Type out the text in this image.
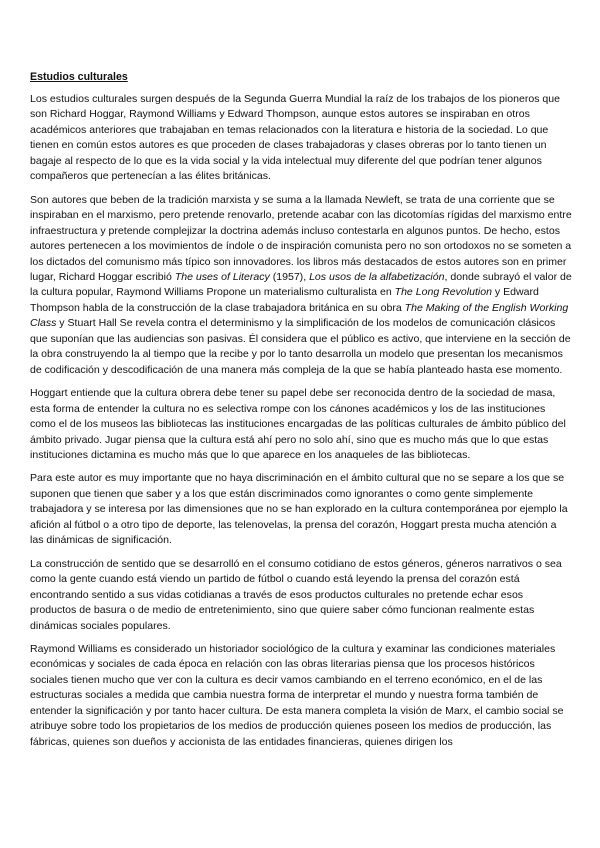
Estudios culturales

Los estudios culturales surgen después de la Segunda Guerra Mundial la raíz de los trabajos de los pioneros que son Richard Hoggar, Raymond Williams y Edward Thompson, aunque estos autores se inspiraban en otros académicos anteriores que trabajaban en temas relacionados con la literatura e historia de la sociedad. Lo que tienen en común estos autores es que proceden de clases trabajadoras y clases obreras por lo tanto tienen un bagaje al respecto de lo que es la vida social y la vida intelectual muy diferente del que podrían tener algunos compañeros que pertenecían a las élites británicas.

Son autores que beben de la tradición marxista y se suma a la llamada Newleft, se trata de una corriente que se inspiraban en el marxismo, pero pretende renovarlo, pretende acabar con las dicotomías rígidas del marxismo entre infraestructura y pretende complejizar la doctrina además incluso contestarla en algunos puntos. De hecho, estos autores pertenecen a los movimientos de índole o de inspiración comunista pero no son ortodoxos no se someten a los dictados del comunismo más típico son innovadores. los libros más destacados de estos autores son en primer lugar, Richard Hoggar escribió The uses of Literacy (1957), Los usos de la alfabetización, donde subrayó el valor de la cultura popular, Raymond Williams Propone un materialismo culturalista en The Long Revolution y Edward Thompson habla de la construcción de la clase trabajadora británica en su obra The Making of the English Working Class y Stuart Hall Se revela contra el determinismo y la simplificación de los modelos de comunicación clásicos que suponían que las audiencias son pasivas. Él considera que el público es activo, que interviene en la sección de la obra construyendo la al tiempo que la recibe y por lo tanto desarrolla un modelo que presentan los mecanismos de codificación y descodificación de una manera más compleja de la que se había planteado hasta ese momento.

Hoggart entiende que la cultura obrera debe tener su papel debe ser reconocida dentro de la sociedad de masa, esta forma de entender la cultura no es selectiva rompe con los cánones académicos y los de las instituciones como el de los museos las bibliotecas las instituciones encargadas de las políticas culturales de ámbito público del ámbito privado. Jugar piensa que la cultura está ahí pero no solo ahí, sino que es mucho más que lo que estas instituciones dictamina es mucho más que lo que aparece en los anaqueles de las bibliotecas.

Para este autor es muy importante que no haya discriminación en el ámbito cultural que no se separe a los que se suponen que tienen que saber y a los que están discriminados como ignorantes o como gente simplemente trabajadora y se interesa por las dimensiones que no se han explorado en la cultura contemporánea por ejemplo la afición al fútbol o a otro tipo de deporte, las telenovelas, la prensa del corazón, Hoggart presta mucha atención a las dinámicas de significación.

La construcción de sentido que se desarrolló en el consumo cotidiano de estos géneros, géneros narrativos o sea como la gente cuando está viendo un partido de fútbol o cuando está leyendo la prensa del corazón está encontrando sentido a sus vidas cotidianas a través de esos productos culturales no pretende echar esos productos de basura o de medio de entretenimiento, sino que quiere saber cómo funcionan realmente estas dinámicas sociales populares.

Raymond Williams es considerado un historiador sociológico de la cultura y examinar las condiciones materiales económicas y sociales de cada época en relación con las obras literarias piensa que los procesos históricos sociales tienen mucho que ver con la cultura es decir vamos cambiando en el terreno económico, en el de las estructuras sociales a medida que cambia nuestra forma de interpretar el mundo y nuestra forma también de entender la significación y por tanto hacer cultura. De esta manera completa la visión de Marx, el cambio social se atribuye sobre todo los propietarios de los medios de producción quienes poseen los medios de producción, las fábricas, quienes son dueños y accionista de las entidades financieras, quienes dirigen los
